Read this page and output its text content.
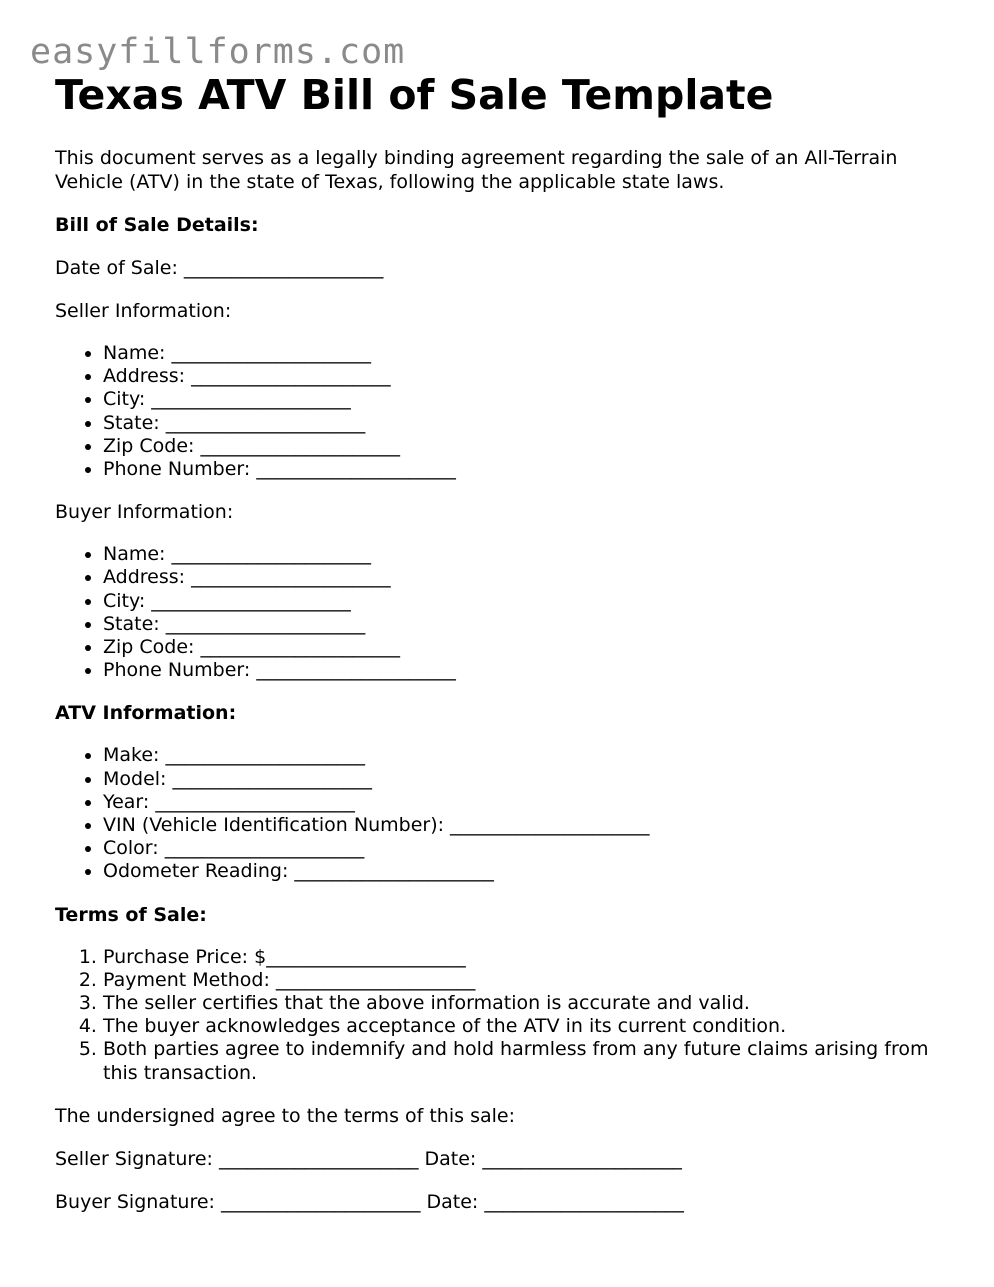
easyfillforms.com
Texas ATV Bill of Sale Template

This document serves as a legally binding agreement regarding the sale of an All-Terrain Vehicle (ATV) in the state of Texas, following the applicable state laws.

Bill of Sale Details:

Date of Sale: _____________________

Seller Information:

• Name: _____________________
• Address: _____________________
• City: _____________________
• State: _____________________
• Zip Code: _____________________
• Phone Number: _____________________

Buyer Information:

• Name: _____________________
• Address: _____________________
• City: _____________________
• State: _____________________
• Zip Code: _____________________
• Phone Number: _____________________

ATV Information:

• Make: _____________________
• Model: _____________________
• Year: _____________________
• VIN (Vehicle Identification Number): _____________________
• Color: _____________________
• Odometer Reading: _____________________

Terms of Sale:

1. Purchase Price: $_____________________
2. Payment Method: _____________________
3. The seller certifies that the above information is accurate and valid.
4. The buyer acknowledges acceptance of the ATV in its current condition.
5. Both parties agree to indemnify and hold harmless from any future claims arising from this transaction.

The undersigned agree to the terms of this sale:

Seller Signature: _____________________ Date: _____________________

Buyer Signature: _____________________ Date: _____________________
